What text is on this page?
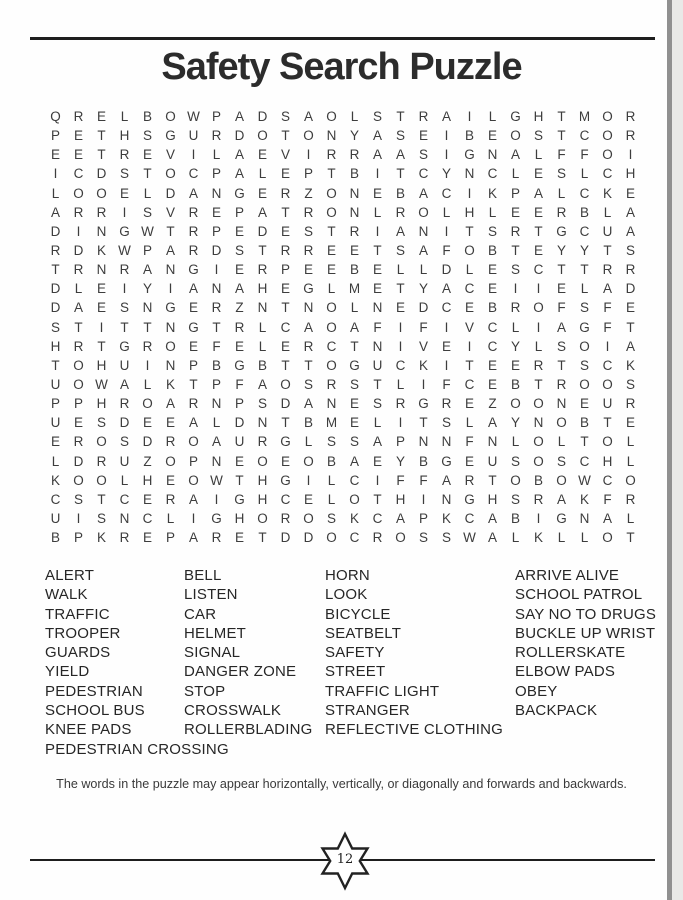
Safety Search Puzzle
Q R	E	L	B O W P	A	D	S	A O	L	S	T	R	A	I	L	G H	T M O R
P	E	T	H	S G U R D O	T	O N	Y	A	S	E	I	B	E O S	T	C O R
E	E	T	R	E	V	I	L	A	E	V	I	R R	A	A	S	I	G N	A	L	F	F	O	I
I	C D	S	T	O C	P	A	L	E	P	T	B	I	T	C	Y	N C	L	E	S	L	C H
L	O O E	L	D	A	N G E	R	Z	O N	E	B	A	C	I	K	P	A	L	C	K	E
A	R R	I	S	V	R	E	P	A	T	R O N	L	R O	L	H	L	E	E	R	B	L	A
D	I	N G W T	R	P	E	D	E	S	T	R	I	A	N	I	T	S	R	T	G C U	A
R D	K W P	A	R D	S	T	R R	E	E	T	S	A	F	O B	T	E	Y	Y	T	S
T	R N R	A	N G	I	E	R	P	E	E	B	E	L	L	D	L	E	S	C	T	T	R R
D	L	E	I	Y	I	A	N	A	H	E G	L	M E	T	Y	A	C	E	I	I	E	L	A	D
D	A	E	S	N G E	R	Z	N	T	N O	L	N	E	D C	E	B	R O	F	S	F	E
S	T	I	T	T	N G	T	R	L	C	A O A	F	I	F	I	V	C	L	I	A G	F	T
H R	T	G R O E	F	E	L	E	R C	T	N	I	V	E	I	C	Y	L	S O	I	A
T	O H U	I	N	P	B G B	T	T	O G U C	K	I	T	E	E	R	T	S	C	K
U O W A	L	K	T	P	F	A O S	R	S	T	L	I	F	C	E	B	T	R O O S
P	P	H R O A	R N	P	S	D	A	N	E	S	R G R	E	Z	O O N	E	U R
U	E	S	D	E	E	A	L	D N	T	B M E	L	I	T	S	L	A	Y	N O B	T	E
E	R O S	D R O A	U R G	L	S	S	A	P	N N	F	N	L	O	L	T	O	L
L	D R U	Z	O P	N	E O E O B	A	E	Y	B G E	U	S O S	C H	L
K O O	L	H	E O W T	H G	I	L	C	I	F	F	A	R	T	O B O W C O
C	S	T	C	E	R	A	I	G H C	E	L	O	T	H	I	N G H	S	R	A	K	F	R
U	I	S	N C	L	I	G H O R O S	K	C	A	P	K	C	A	B	I	G N	A	L
B	P	K	R	E	P	A	R	E	T	D D O C R O S	S W A	L	K	L	L	O	T
ALERT
WALK
TRAFFIC
TROOPER
GUARDS
YIELD
PEDESTRIAN
SCHOOL BUS
KNEE PADS
PEDESTRIAN CROSSING
BELL
LISTEN
CAR
HELMET
SIGNAL
DANGER ZONE
STOP
CROSSWALK
ROLLERBLADING
HORN
LOOK
BICYCLE
SEATBELT
SAFETY
STREET
TRAFFIC LIGHT
STRANGER
REFLECTIVE CLOTHING
ARRIVE ALIVE
SCHOOL PATROL
SAY NO TO DRUGS
BUCKLE UP WRIST
ROLLERSKATE
ELBOW PADS
OBEY
BACKPACK
The words in the puzzle may appear horizontally, vertically, or diagonally and forwards and backwards.
12
